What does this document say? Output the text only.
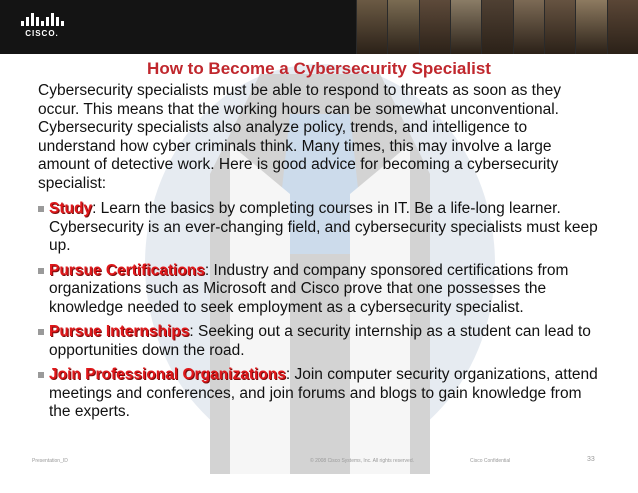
CISCO.
How to Become a Cybersecurity Specialist

Cybersecurity specialists must be able to respond to threats as soon as they occur. This means that the working hours can be somewhat unconventional. Cybersecurity specialists also analyze policy, trends, and intelligence to understand how cyber criminals think. Many times, this may involve a large amount of detective work. Here is good advice for becoming a cybersecurity specialist:

Study: Learn the basics by completing courses in IT. Be a life-long learner. Cybersecurity is an ever-changing field, and cybersecurity specialists must keep up.
Pursue Certifications: Industry and company sponsored certifications from organizations such as Microsoft and Cisco prove that one possesses the knowledge needed to seek employment as a cybersecurity specialist.
Pursue Internships: Seeking out a security internship as a student can lead to opportunities down the road.
Join Professional Organizations: Join computer security organizations, attend meetings and conferences, and join forums and blogs to gain knowledge from the experts.
Presentation_ID	© 2008 Cisco Systems, Inc. All rights reserved.	Cisco Confidential	33
